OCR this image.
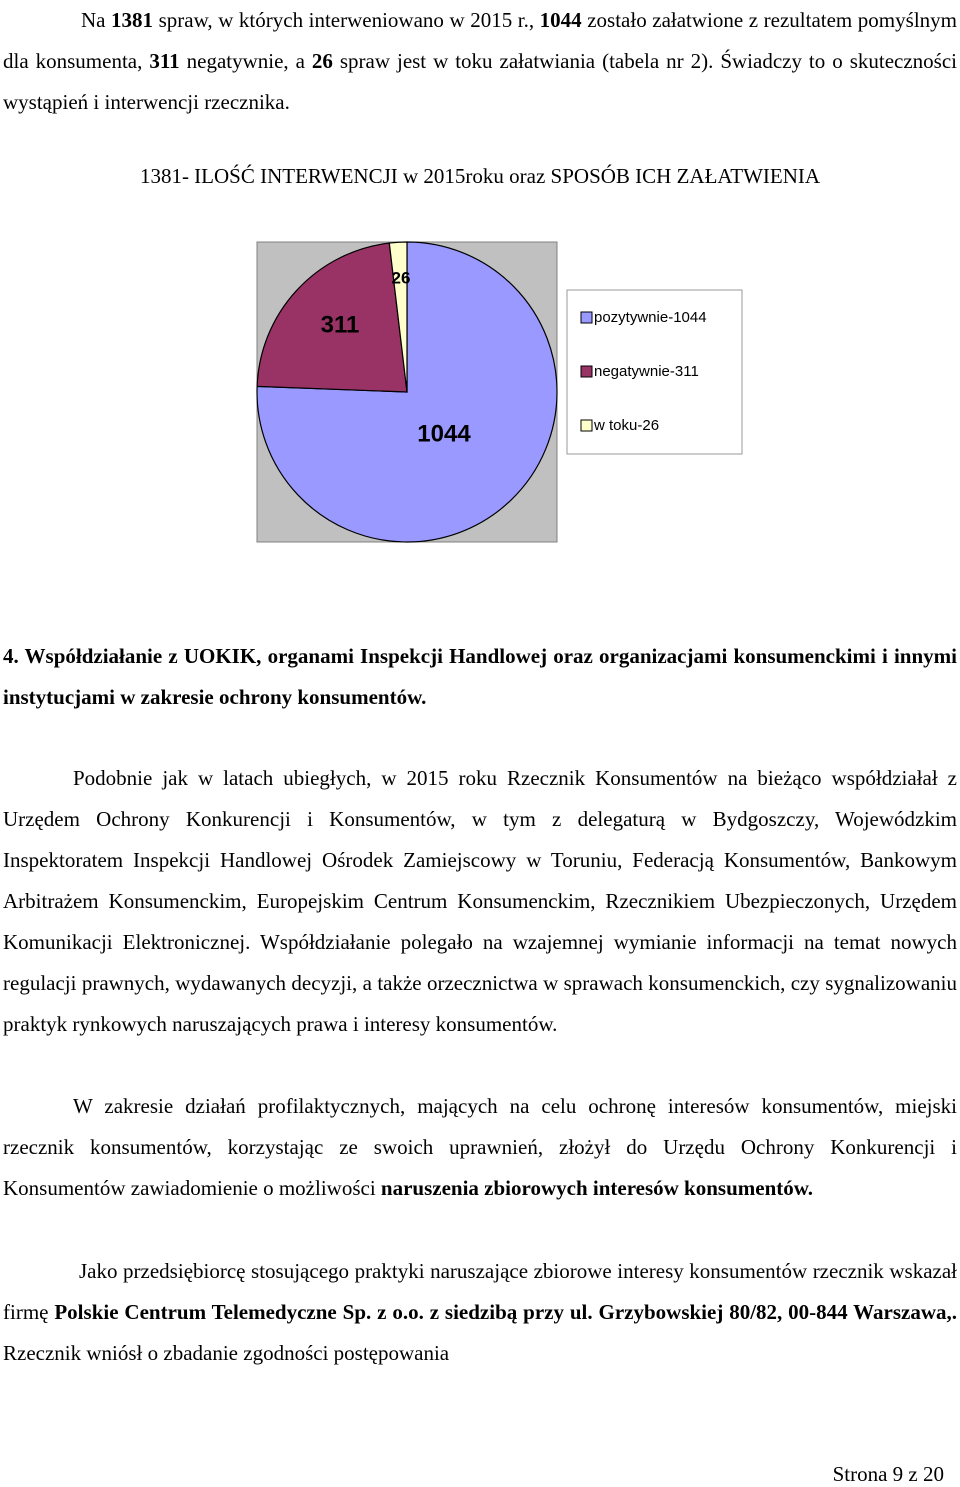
Na 1381 spraw, w których interweniowano w 2015 r., 1044 zostało załatwione z rezultatem pomyślnym dla konsumenta, 311 negatywnie, a 26 spraw jest w toku załatwiania (tabela nr 2). Świadczy to o skuteczności wystąpień i interwencji rzecznika.

1381- ILOŚĆ INTERWENCJI w 2015roku oraz SPOSÓB ICH ZAŁATWIENIA
1044
311
26
pozytywnie-1044
negatywnie-311
w toku-26

4. Współdziałanie z UOKIK, organami Inspekcji Handlowej oraz organizacjami konsumenckimi i innymi instytucjami w zakresie ochrony konsumentów.

Podobnie jak w latach ubiegłych, w 2015 roku Rzecznik Konsumentów na bieżąco współdziałał z Urzędem Ochrony Konkurencji i Konsumentów, w tym z delegaturą w Bydgoszczy, Wojewódzkim Inspektoratem Inspekcji Handlowej Ośrodek Zamiejscowy w Toruniu, Federacją Konsumentów, Bankowym Arbitrażem Konsumenckim, Europejskim Centrum Konsumenckim, Rzecznikiem Ubezpieczonych, Urzędem Komunikacji Elektronicznej. Współdziałanie polegało na wzajemnej wymianie informacji na temat nowych regulacji prawnych, wydawanych decyzji, a także orzecznictwa w sprawach konsumenckich, czy sygnalizowaniu praktyk rynkowych naruszających prawa i interesy konsumentów.

W zakresie działań profilaktycznych, mających na celu ochronę interesów konsumentów, miejski rzecznik konsumentów, korzystając ze swoich uprawnień, złożył do Urzędu Ochrony Konkurencji i Konsumentów zawiadomienie o możliwości naruszenia zbiorowych interesów konsumentów.

Jako przedsiębiorcę stosującego praktyki naruszające zbiorowe interesy konsumentów rzecznik wskazał firmę Polskie Centrum Telemedyczne Sp. z o.o. z siedzibą przy ul. Grzybowskiej 80/82, 00-844 Warszawa,. Rzecznik wniósł o zbadanie zgodności postępowania

Strona 9 z 20
